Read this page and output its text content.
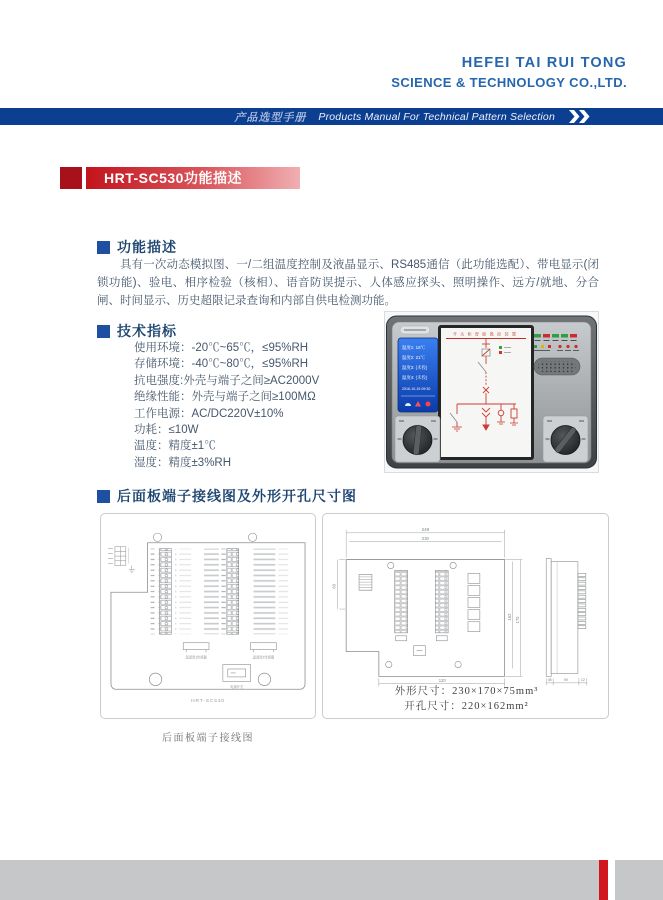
HEFEI TAI RUI TONG
SCIENCE & TECHNOLOGY CO.,LTD.
产品选型手册 Products Manual For Technical Pattern Selection
HRT-SC530功能描述
功能描述
具有一次动态模拟图、一/二组温度控制及液晶显示、RS485通信（此功能选配）、带电显示(闭锁功能)、验电、相序检验（核相）、语音防误提示、人体感应探头、照明操作、远方/就地、分合闸、时间显示、历史超限记录查询和内部自供电检测功能。
技术指标
使用环境：-20℃~65℃，≤95%RH
存储环境：-40℃~80℃，≤95%RH
抗电强度:外壳与端子之间≥AC2000V
绝缘性能：外壳与端子之间≥100MΩ
工作电源：AC/DC220V±10%
功耗：≤10W
温度：精度±1℃
湿度：精度±3%RH
温度1: 16℃
温度2: 21℃
温度3: (未投)
温度4: (未投)
2016-10-15 09:30
开关柜智能操控装置
后面板端子接线图及外形开孔尺寸图
温湿度1传感器	温湿度2传感器
电源开关
HRT-SC530
248
230
60
162 170
120	45	90	12
外形尺寸：230×170×75mm³
开孔尺寸：220×162mm²
后面板端子接线图
